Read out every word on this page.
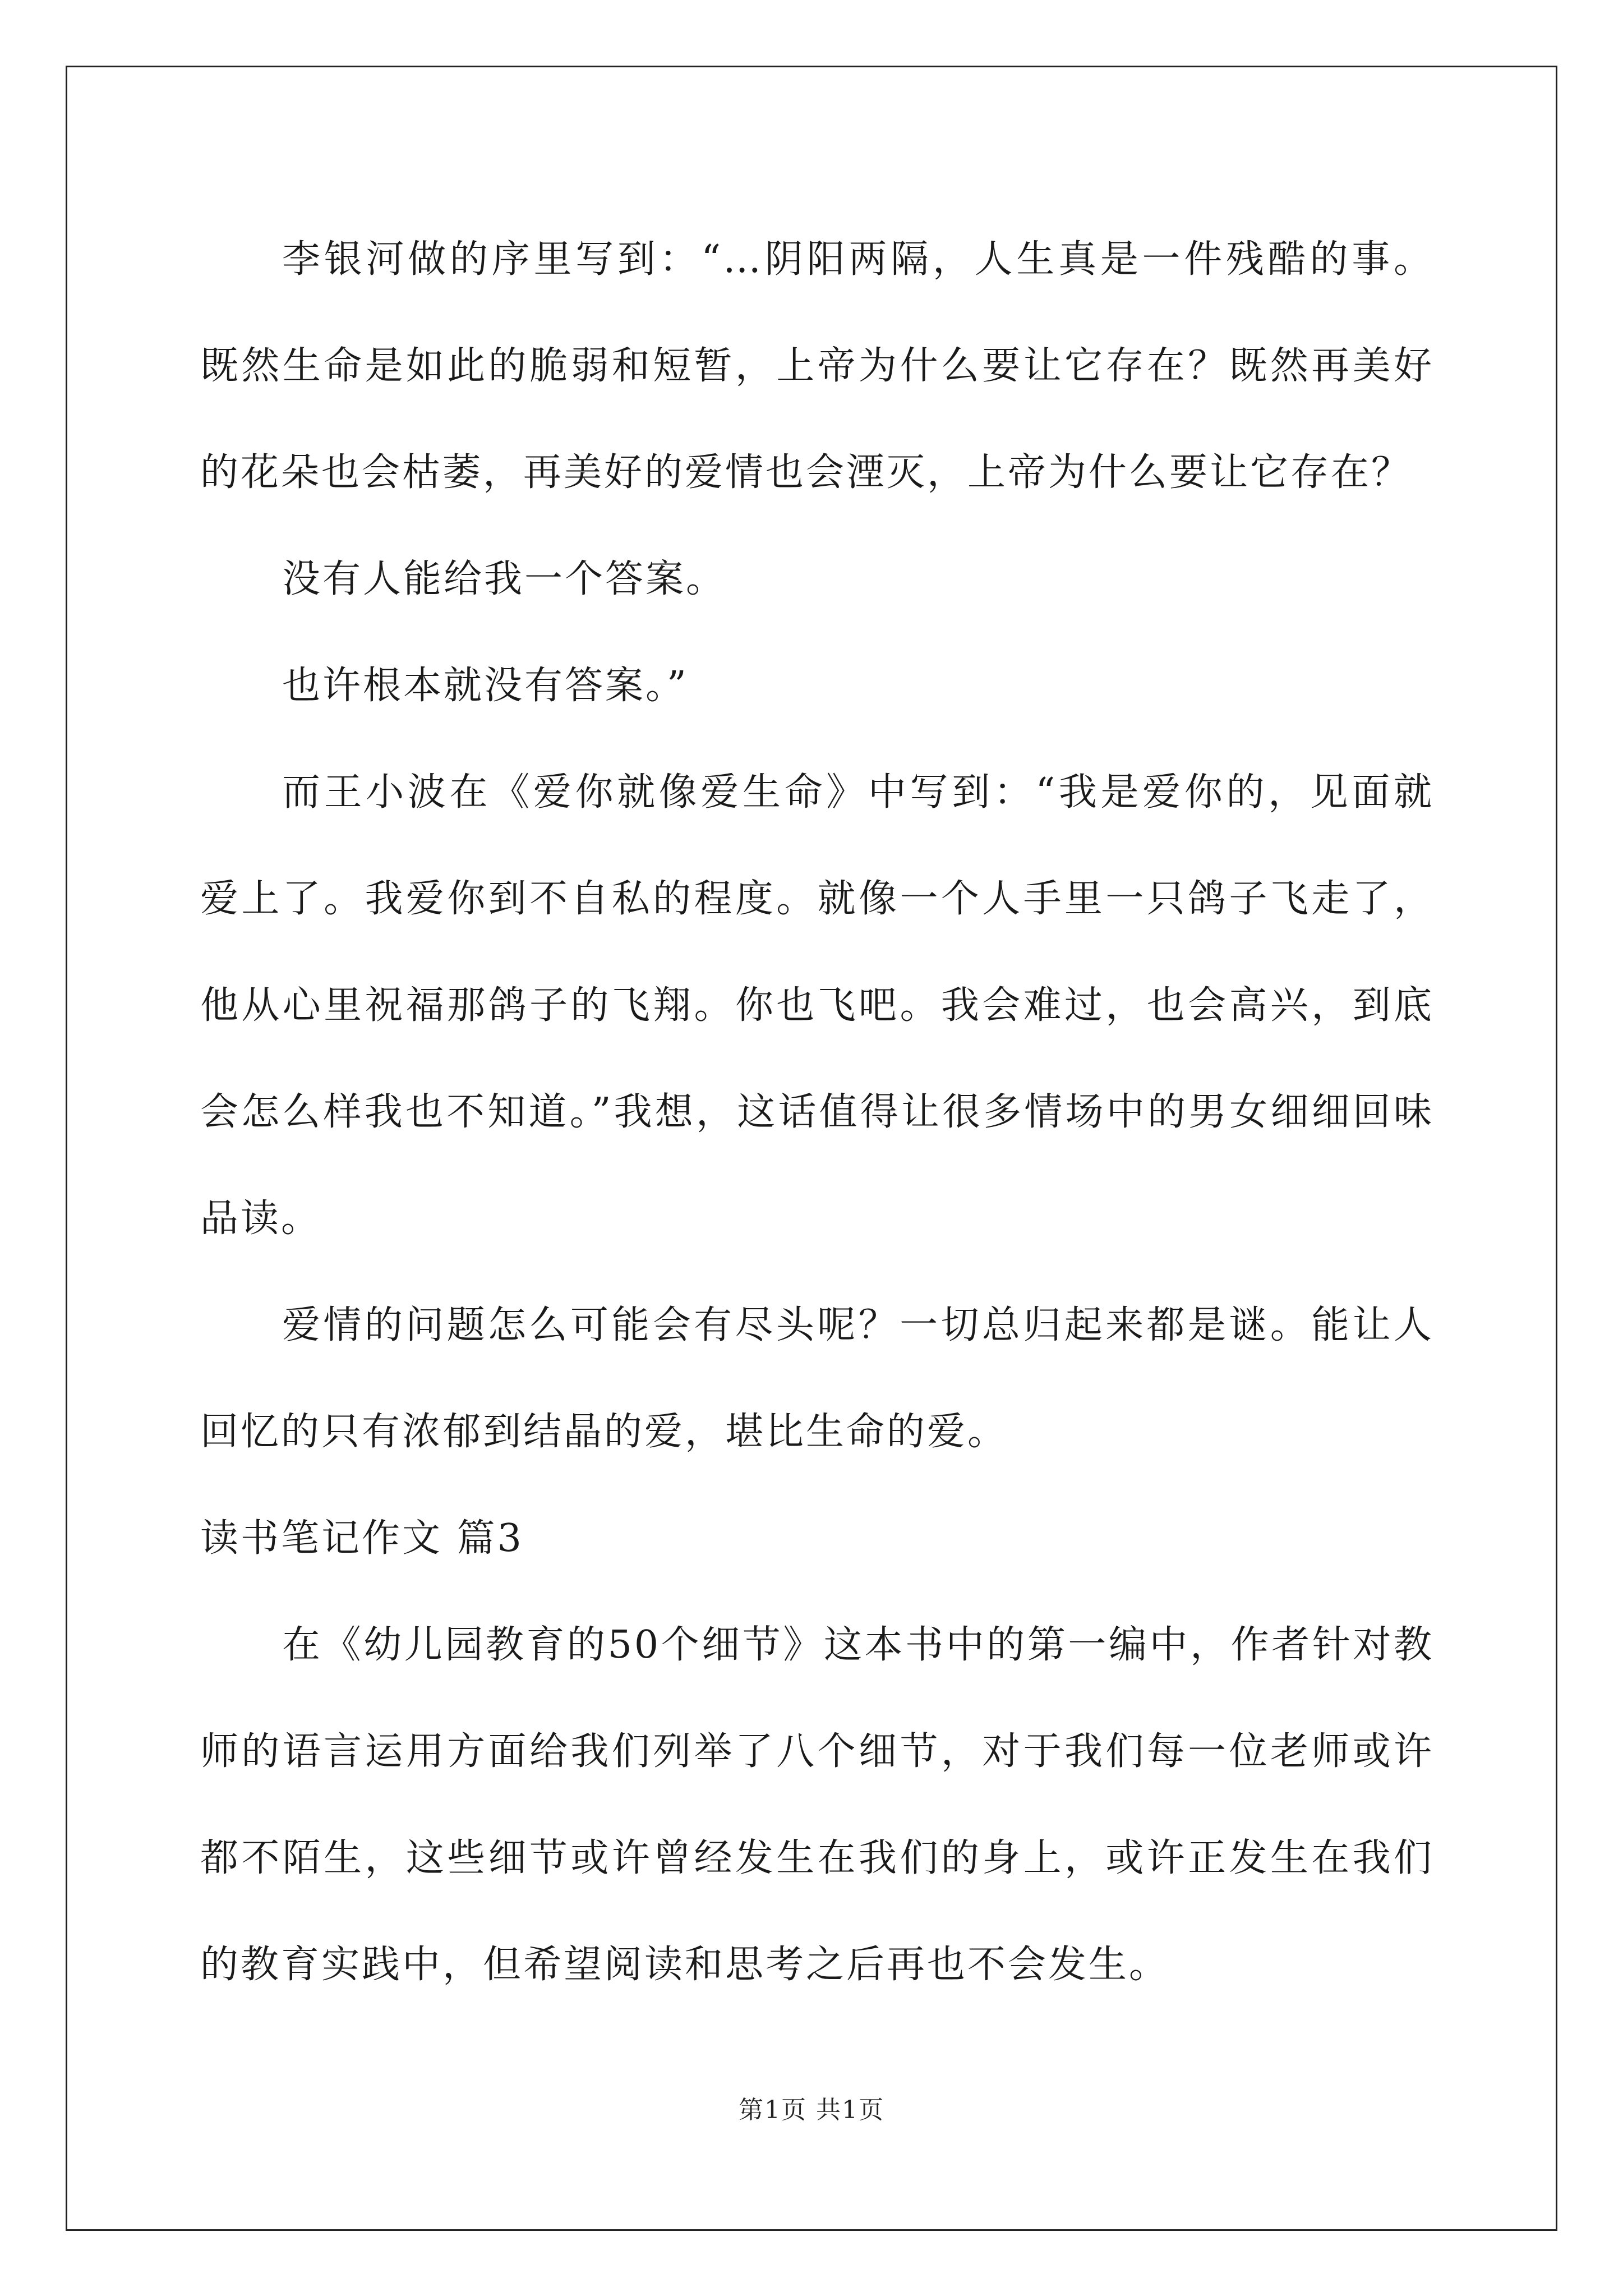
李银河做的序里写到：“…阴阳两隔，人生真是一件残酷的事。既然生命是如此的脆弱和短暂，上帝为什么要让它存在？既然再美好的花朵也会枯萎，再美好的爱情也会湮灭，上帝为什么要让它存在？

没有人能给我一个答案。

也许根本就没有答案。”

而王小波在《爱你就像爱生命》中写到：“我是爱你的，见面就爱上了。我爱你到不自私的程度。就像一个人手里一只鸽子飞走了，他从心里祝福那鸽子的飞翔。你也飞吧。我会难过，也会高兴，到底会怎么样我也不知道。”我想，这话值得让很多情场中的男女细细回味品读。

爱情的问题怎么可能会有尽头呢？一切总归起来都是谜。能让人回忆的只有浓郁到结晶的爱，堪比生命的爱。

读书笔记作文 篇3

在《幼儿园教育的50个细节》这本书中的第一编中，作者针对教师的语言运用方面给我们列举了八个细节，对于我们每一位老师或许都不陌生，这些细节或许曾经发生在我们的身上，或许正发生在我们的教育实践中，但希望阅读和思考之后再也不会发生。

第1页 共1页
